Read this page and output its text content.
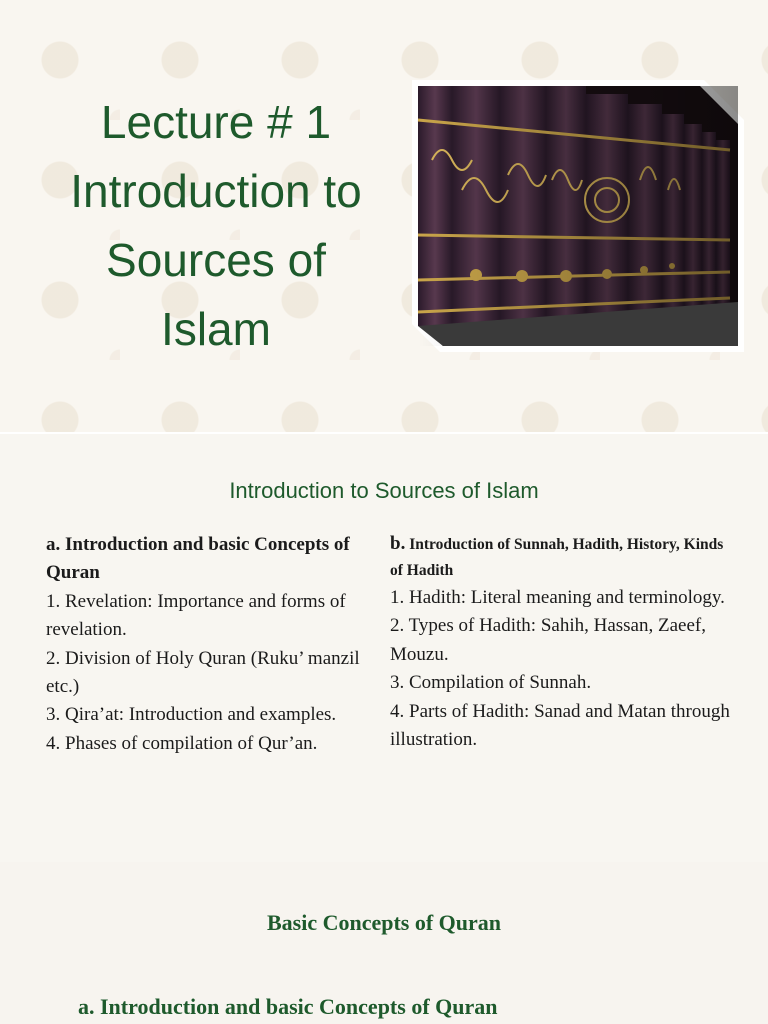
Lecture # 1
Introduction to
Sources of
Islam
Introduction to Sources of Islam

a. Introduction and basic Concepts of Quran

1. Revelation: Importance and forms of revelation.
2. Division of Holy Quran (Ruku’ manzil etc.)
3. Qira’at: Introduction and examples.
4. Phases of compilation of Qur’an.

b. Introduction of Sunnah, Hadith, History, Kinds of Hadith

1. Hadith: Literal meaning and terminology.
2. Types of Hadith: Sahih, Hassan, Zaeef, Mouzu.
3. Compilation of Sunnah.
4. Parts of Hadith: Sanad and Matan through illustration.
Basic Concepts of Quran
a. Introduction and basic Concepts of Quran
